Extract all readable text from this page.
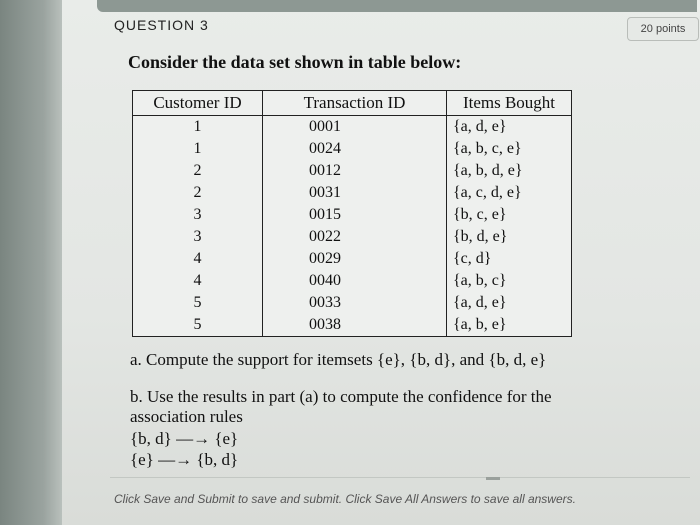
QUESTION 3	20 points
Consider the data set shown in table below:
Customer ID	Transaction ID	Items Bought
1	0001	{a, d, e}
1	0024	{a, b, c, e}
2	0012	{a, b, d, e}
2	0031	{a, c, d, e}
3	0015	{b, c, e}
3	0022	{b, d, e}
4	0029	{c, d}
4	0040	{a, b, c}
5	0033	{a, d, e}
5	0038	{a, b, e}
a. Compute the support for itemsets {e}, {b, d}, and {b, d, e}
b. Use the results in part (a) to compute the confidence for the association rules
{b, d} —→ {e}
{e} —→ {b, d}
Click Save and Submit to save and submit. Click Save All Answers to save all answers.
